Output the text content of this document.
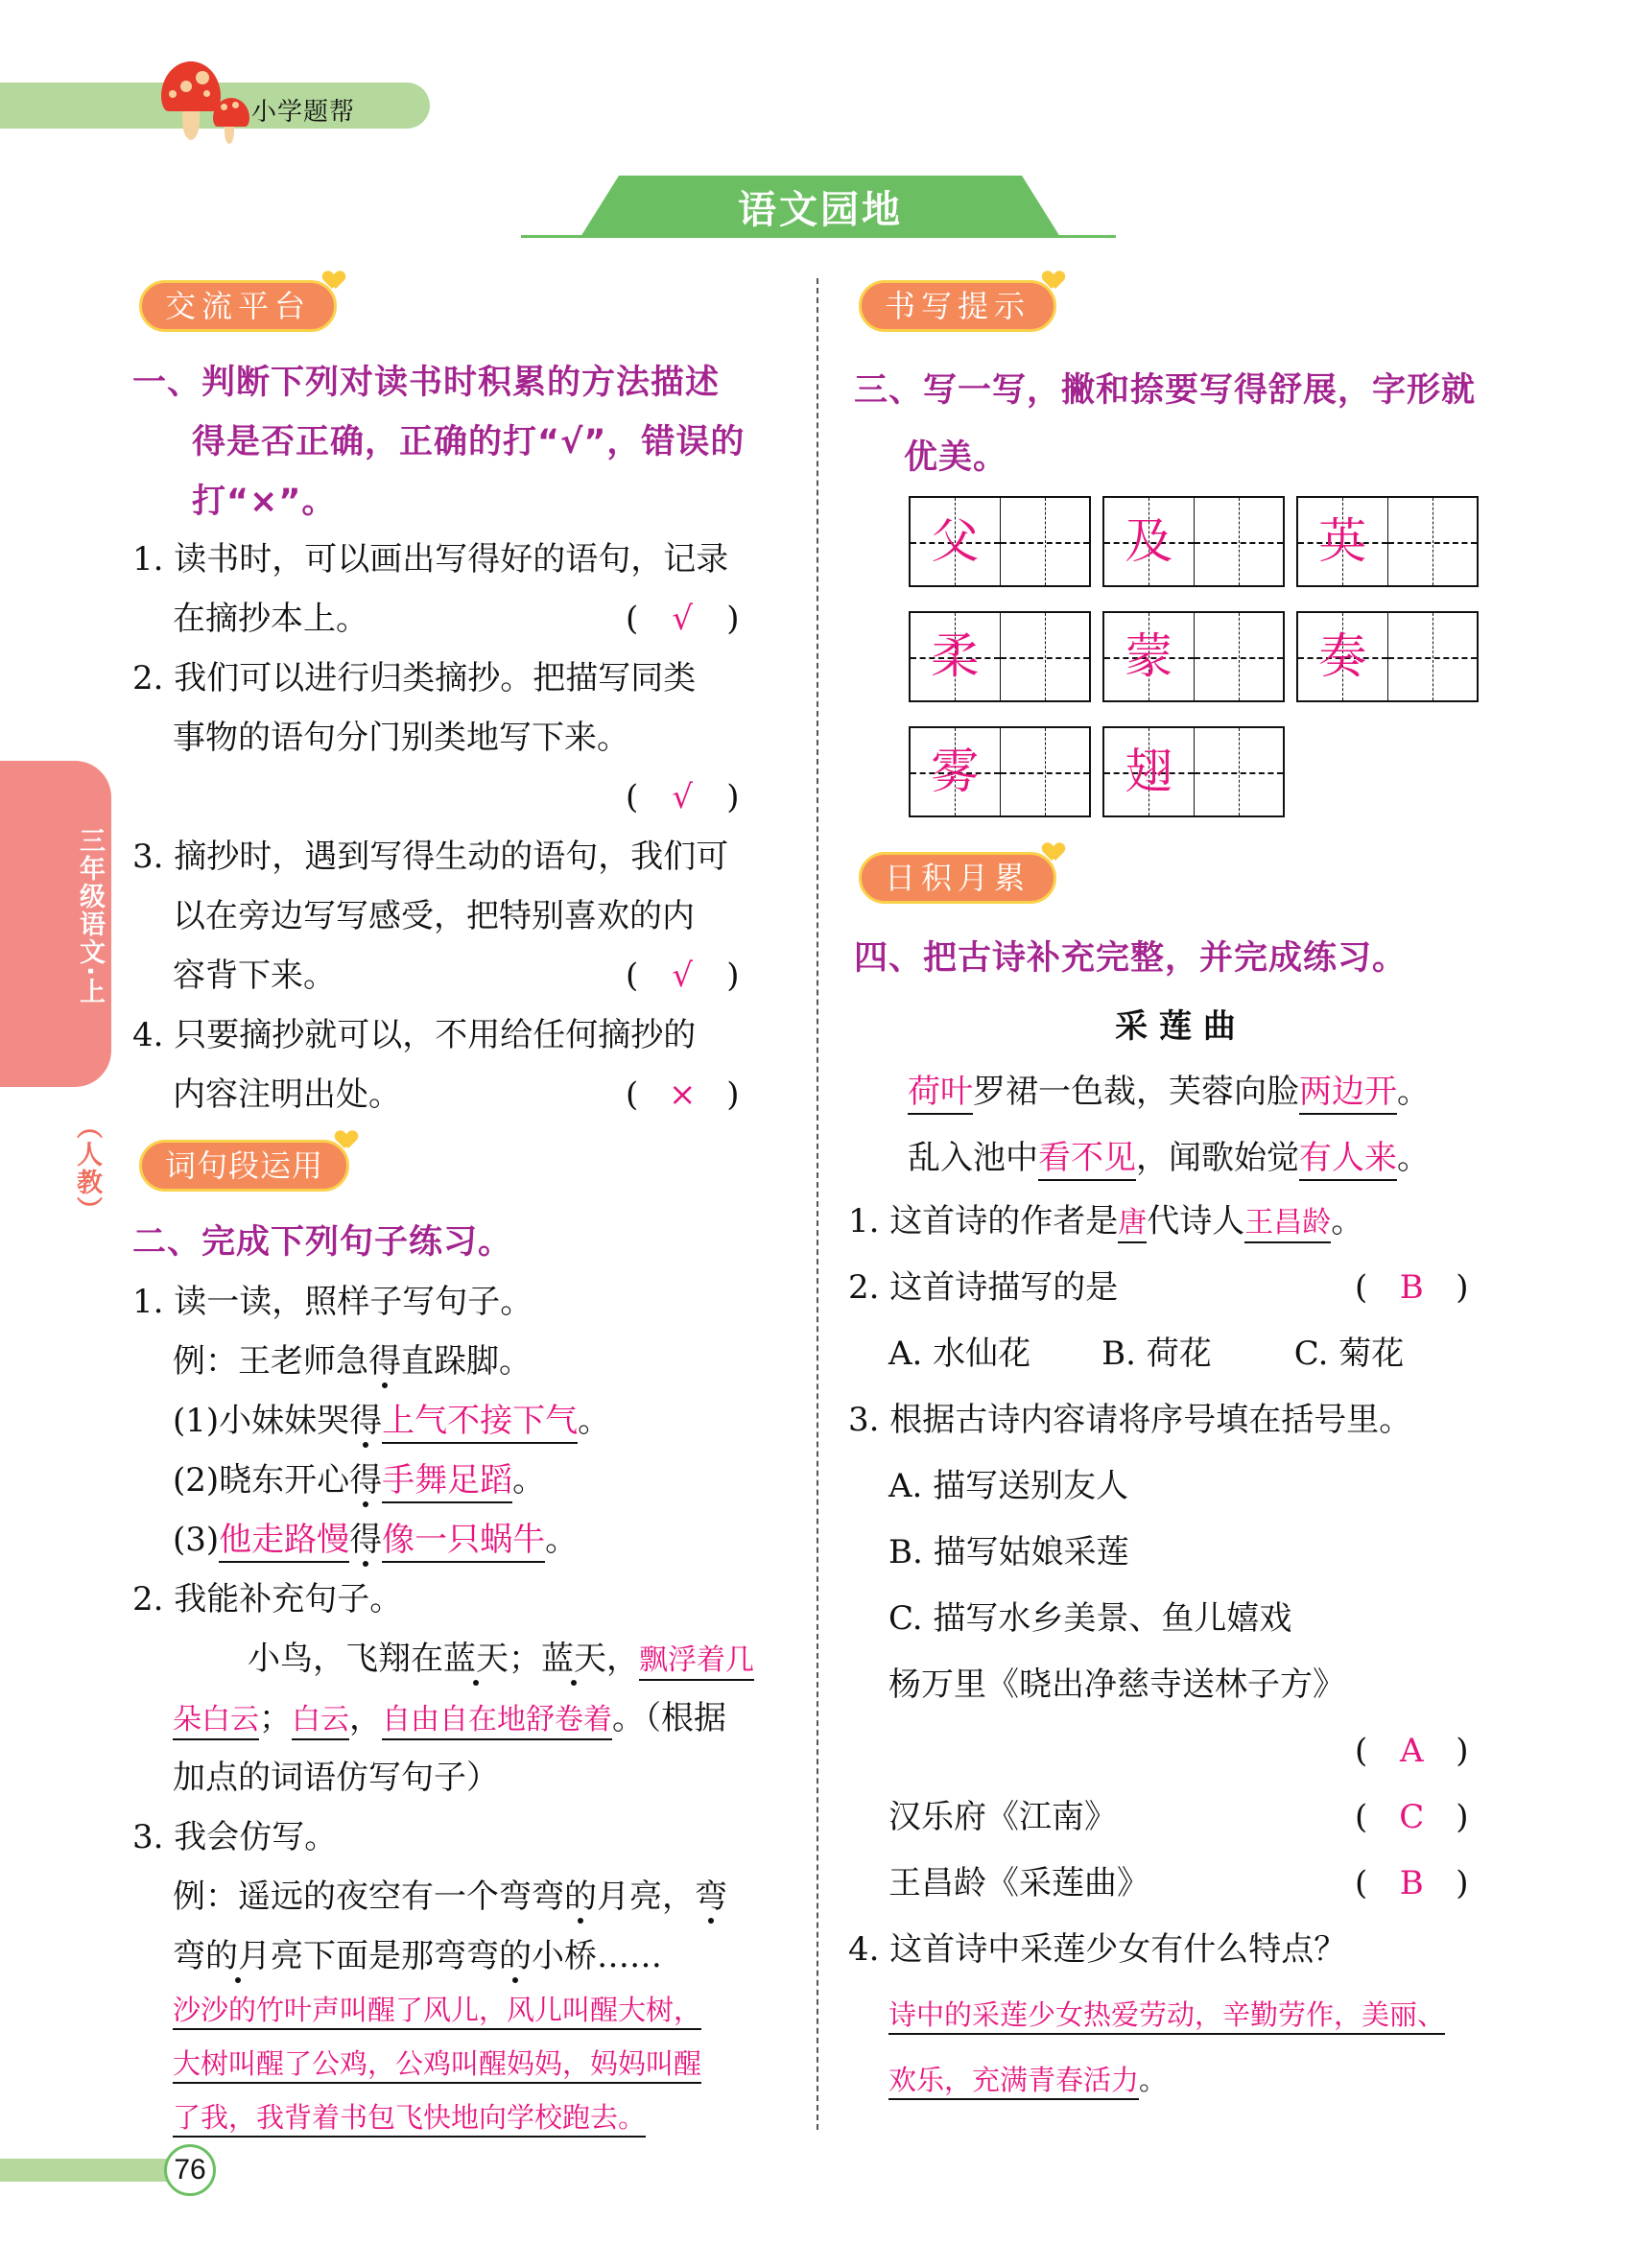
小学题帮
语文园地
三年级语文·上
（人教）
交流平台
一、判断下列对读书时积累的方法描述
得是否正确，正确的打“√”，错误的
打“×”。
1. 读书时，可以画出写得好的语句，记录
在摘抄本上。	( √ )
2. 我们可以进行归类摘抄。把描写同类
事物的语句分门别类地写下来。
( √ )
3. 摘抄时，遇到写得生动的语句，我们可
以在旁边写写感受，把特别喜欢的内
容背下来。	( √ )
4. 只要摘抄就可以，不用给任何摘抄的
内容注明出处。	( × )
词句段运用
二、完成下列句子练习。
1. 读一读，照样子写句子。
例：王老师急得直跺脚。
(1)小妹妹哭得上气不接下气。
(2)晓东开心得手舞足蹈。
(3)他走路慢得像一只蜗牛。
2. 我能补充句子。
小鸟，飞翔在蓝天；蓝天，飘浮着几
朵白云；白云，自由自在地舒卷着。（根据
加点的词语仿写句子）
3. 我会仿写。
例：遥远的夜空有一个弯弯的月亮，弯
弯的月亮下面是那弯弯的小桥……
沙沙的竹叶声叫醒了风儿，风儿叫醒大树，
大树叫醒了公鸡，公鸡叫醒妈妈，妈妈叫醒
了我，我背着书包飞快地向学校跑去。
书写提示
三、写一写，撇和捺要写得舒展，字形就
优美。
父	及	英
柔	蒙	奏
雾	翅
日积月累
四、把古诗补充完整，并完成练习。
采 莲 曲
荷叶罗裙一色裁，芙蓉向脸两边开。
乱入池中看不见，闻歌始觉有人来。
1. 这首诗的作者是唐代诗人王昌龄。
2. 这首诗描写的是	( B )
A. 水仙花 B. 荷花	C. 菊花
3. 根据古诗内容请将序号填在括号里。
A. 描写送别友人
B. 描写姑娘采莲
C. 描写水乡美景、鱼儿嬉戏
杨万里《晓出净慈寺送林子方》
( A )
汉乐府《江南》	( C )
王昌龄《采莲曲》	( B )
4. 这首诗中采莲少女有什么特点？
诗中的采莲少女热爱劳动，辛勤劳作，美丽、
欢乐，充满青春活力。
76
